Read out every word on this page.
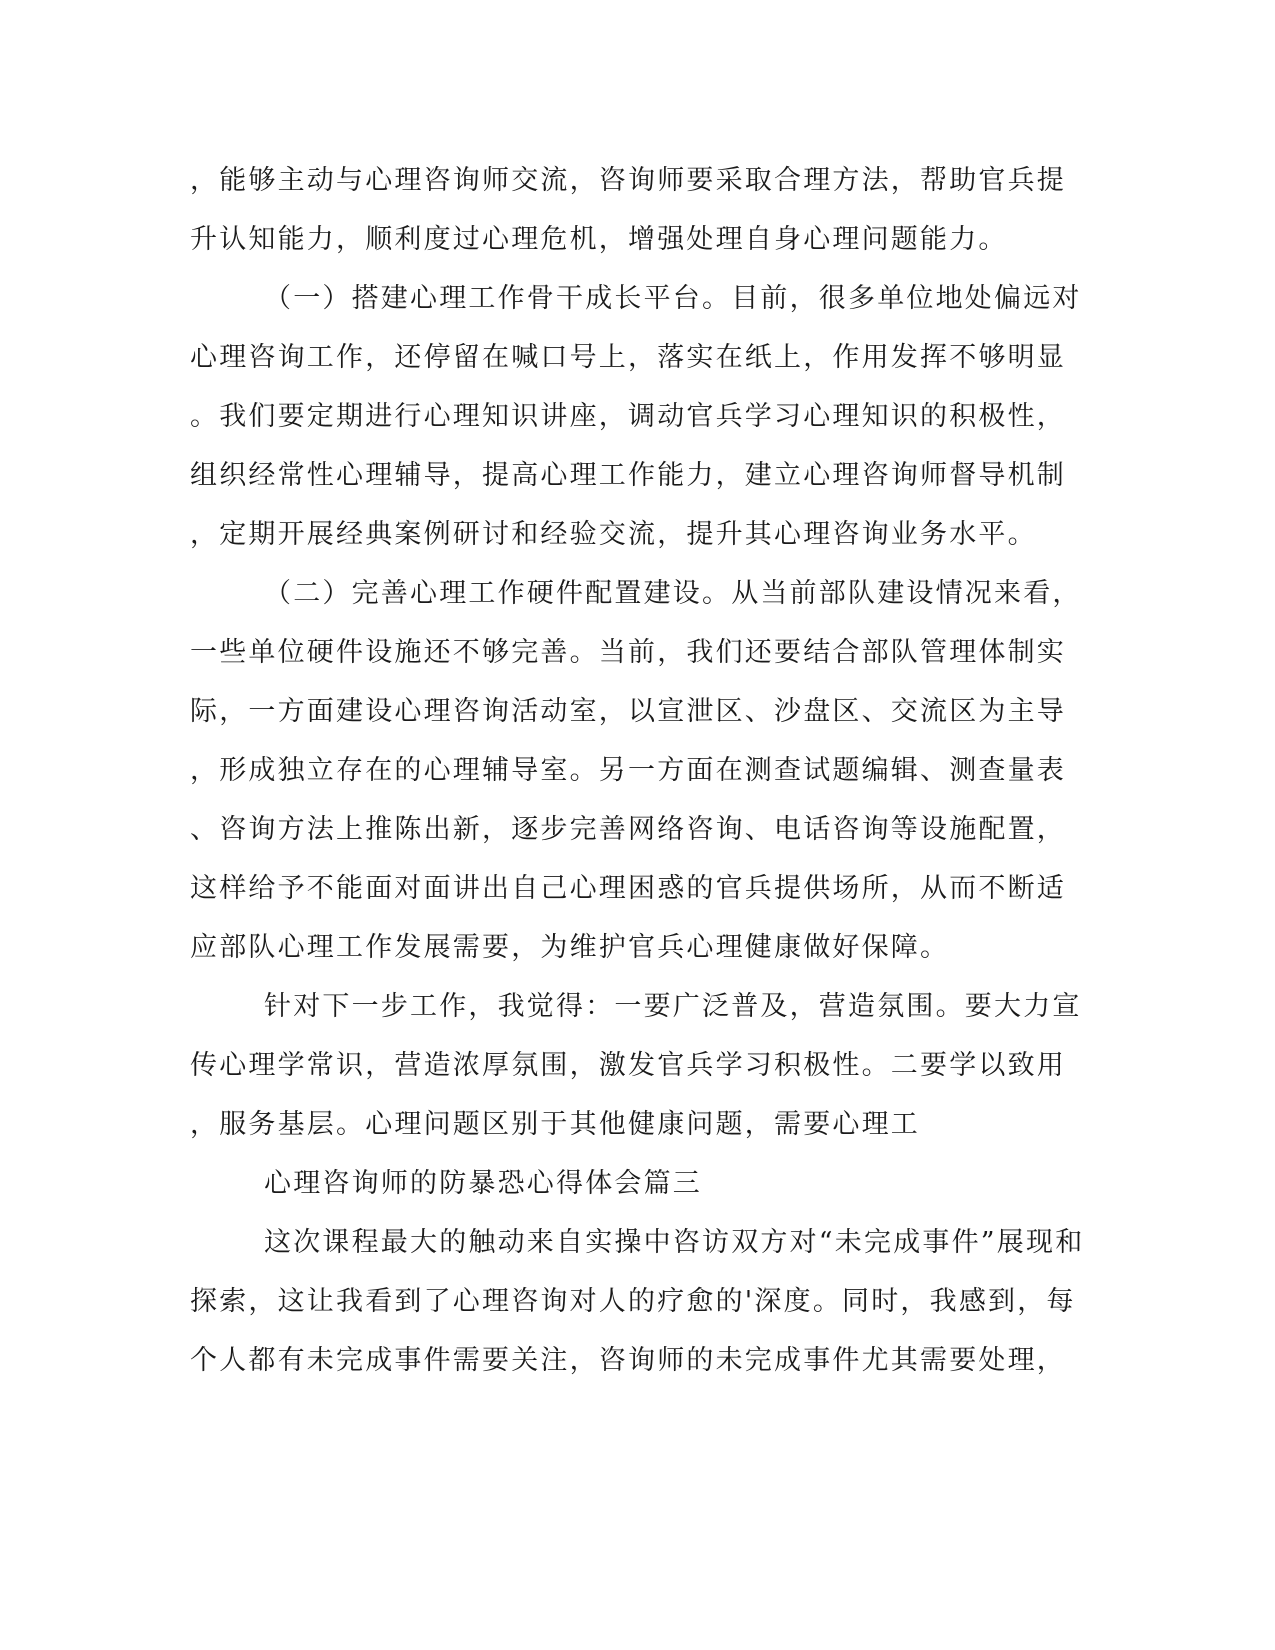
，能够主动与心理咨询师交流，咨询师要采取合理方法，帮助官兵提
升认知能力，顺利度过心理危机，增强处理自身心理问题能力。
（一）搭建心理工作骨干成长平台。目前，很多单位地处偏远对
心理咨询工作，还停留在喊口号上，落实在纸上，作用发挥不够明显
。我们要定期进行心理知识讲座，调动官兵学习心理知识的积极性，
组织经常性心理辅导，提高心理工作能力，建立心理咨询师督导机制
，定期开展经典案例研讨和经验交流，提升其心理咨询业务水平。
（二）完善心理工作硬件配置建设。从当前部队建设情况来看，
一些单位硬件设施还不够完善。当前，我们还要结合部队管理体制实
际，一方面建设心理咨询活动室，以宣泄区、沙盘区、交流区为主导
，形成独立存在的心理辅导室。另一方面在测查试题编辑、测查量表
、咨询方法上推陈出新，逐步完善网络咨询、电话咨询等设施配置，
这样给予不能面对面讲出自己心理困惑的官兵提供场所，从而不断适
应部队心理工作发展需要，为维护官兵心理健康做好保障。
针对下一步工作，我觉得：一要广泛普及，营造氛围。要大力宣
传心理学常识，营造浓厚氛围，激发官兵学习积极性。二要学以致用
，服务基层。心理问题区别于其他健康问题，需要心理工
心理咨询师的防暴恐心得体会篇三
这次课程最大的触动来自实操中咨访双方对“未完成事件”展现和
探索，这让我看到了心理咨询对人的疗愈的'深度。同时，我感到，每
个人都有未完成事件需要关注，咨询师的未完成事件尤其需要处理，
